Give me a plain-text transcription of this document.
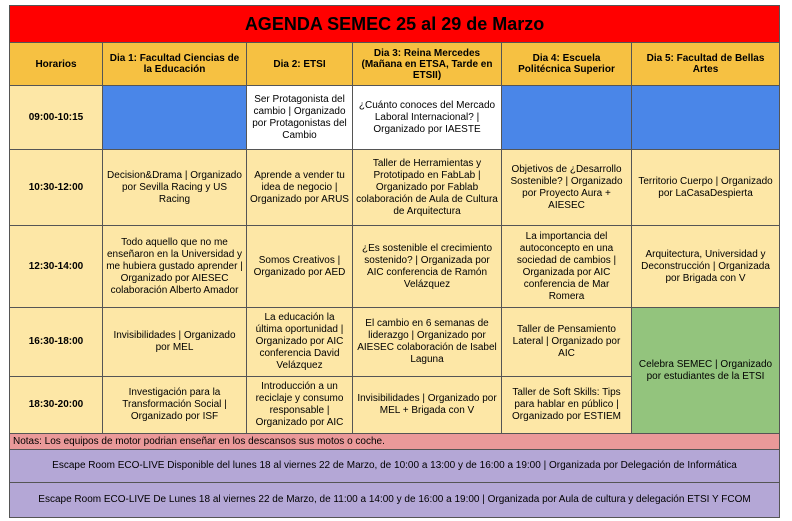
AGENDA SEMEC 25 al 29 de Marzo					
Horarios	Dia 1: Facultad Ciencias de la Educación	Dia 2: ETSI	Dia 3: Reina Mercedes (Mañana en ETSA, Tarde en ETSII)	Dia 4: Escuela Politécnica Superior	Dia 5: Facultad de Bellas Artes
09:00-10:15		Ser Protagonista del cambio | Organizado por Protagonistas del Cambio	¿Cuánto conoces del Mercado Laboral Internacional? | Organizado por IAESTE		
10:30-12:00	Decision&Drama | Organizado por Sevilla Racing y US Racing	Aprende a vender tu idea de negocio | Organizado por ARUS	Taller de Herramientas y Prototipado en FabLab | Organizado por Fablab colaboración de Aula de Cultura de Arquitectura	Objetivos de ¿Desarrollo Sostenible? | Organizado por Proyecto Aura + AIESEC	Territorio Cuerpo | Organizado por LaCasaDespierta
12:30-14:00	Todo aquello que no me enseñaron en la Universidad y me hubiera gustado aprender | Organizado por AIESEC colaboración Alberto Amador	Somos Creativos | Organizado por AED	¿Es sostenible el crecimiento sostenido? | Organizada por AIC conferencia de Ramón Velázquez	La importancia del autoconcepto en una sociedad de cambios | Organizada por AIC conferencia de Mar Romera	Arquitectura, Universidad y Deconstrucción | Organizada por Brigada con V
16:30-18:00	Invisibilidades | Organizado por MEL	La educación la última oportunidad | Organizado por AIC conferencia David Velázquez	El cambio en 6 semanas de liderazgo | Organizado por AIESEC colaboración de Isabel Laguna	Taller de Pensamiento Lateral | Organizado por AIC	Celebra SEMEC | Organizado por estudiantes de la ETSI
18:30-20:00	Investigación para la Transformación Social | Organizado por ISF	Introducción a un reciclaje y consumo responsable | Organizado por AIC	Invisibilidades | Organizado por MEL + Brigada con V	Taller de Soft Skills: Tips para hablar en público | Organizado por ESTIEM	
Notas: Los equipos de motor podrian enseñar en los descansos sus motos o coche.					
Escape Room ECO-LIVE Disponible del lunes 18 al viernes 22 de Marzo, de 10:00 a 13:00 y de 16:00 a 19:00 | Organizada por Delegación de Informática					
Escape Room ECO-LIVE De Lunes 18 al viernes 22 de Marzo, de 11:00 a 14:00 y de 16:00 a 19:00 | Organizada por Aula de cultura y delegación ETSI Y FCOM					
